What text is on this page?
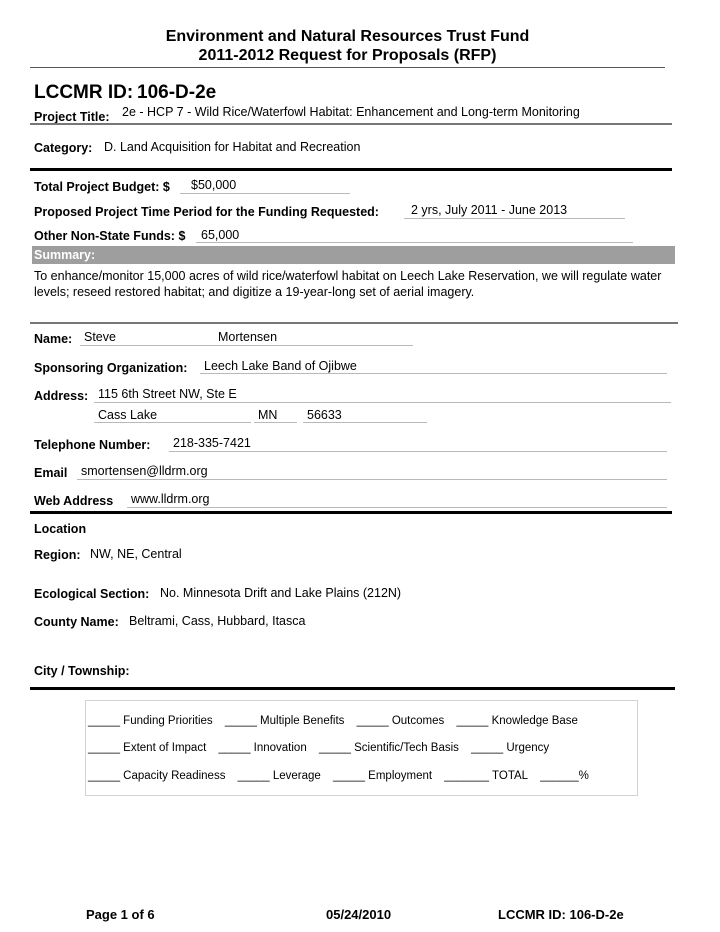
Environment and Natural Resources Trust Fund
2011-2012 Request for Proposals (RFP)
LCCMR ID: 106-D-2e
Project Title: 2e - HCP 7 - Wild Rice/Waterfowl Habitat: Enhancement and Long-term Monitoring
Category: D. Land Acquisition for Habitat and Recreation
Total Project Budget: $ $50,000
Proposed Project Time Period for the Funding Requested:	2 yrs, July 2011 - June 2013
Other Non-State Funds: $ 65,000
Summary:
To enhance/monitor 15,000 acres of wild rice/waterfowl habitat on Leech Lake Reservation, we will regulate water levels; reseed restored habitat; and digitize a 19-year-long set of aerial imagery.
Name: Steve	Mortensen
Sponsoring Organization: Leech Lake Band of Ojibwe
Address: 115 6th Street NW, Ste E
Cass Lake	MN 56633
Telephone Number: 218-335-7421
Email smortensen@lldrm.org
Web Address www.lldrm.org
Location
Region: NW, NE, Central
Ecological Section: No. Minnesota Drift and Lake Plains (212N)
County Name: Beltrami, Cass, Hubbard, Itasca
City / Township:
_____ Funding Priorities _____ Multiple Benefits _____ Outcomes _____ Knowledge Base
_____ Extent of Impact _____ Innovation _____ Scientific/Tech Basis _____ Urgency
_____ Capacity Readiness _____ Leverage _____ Employment _______ TOTAL ______%
Page 1 of 6	05/24/2010	LCCMR ID: 106-D-2e
